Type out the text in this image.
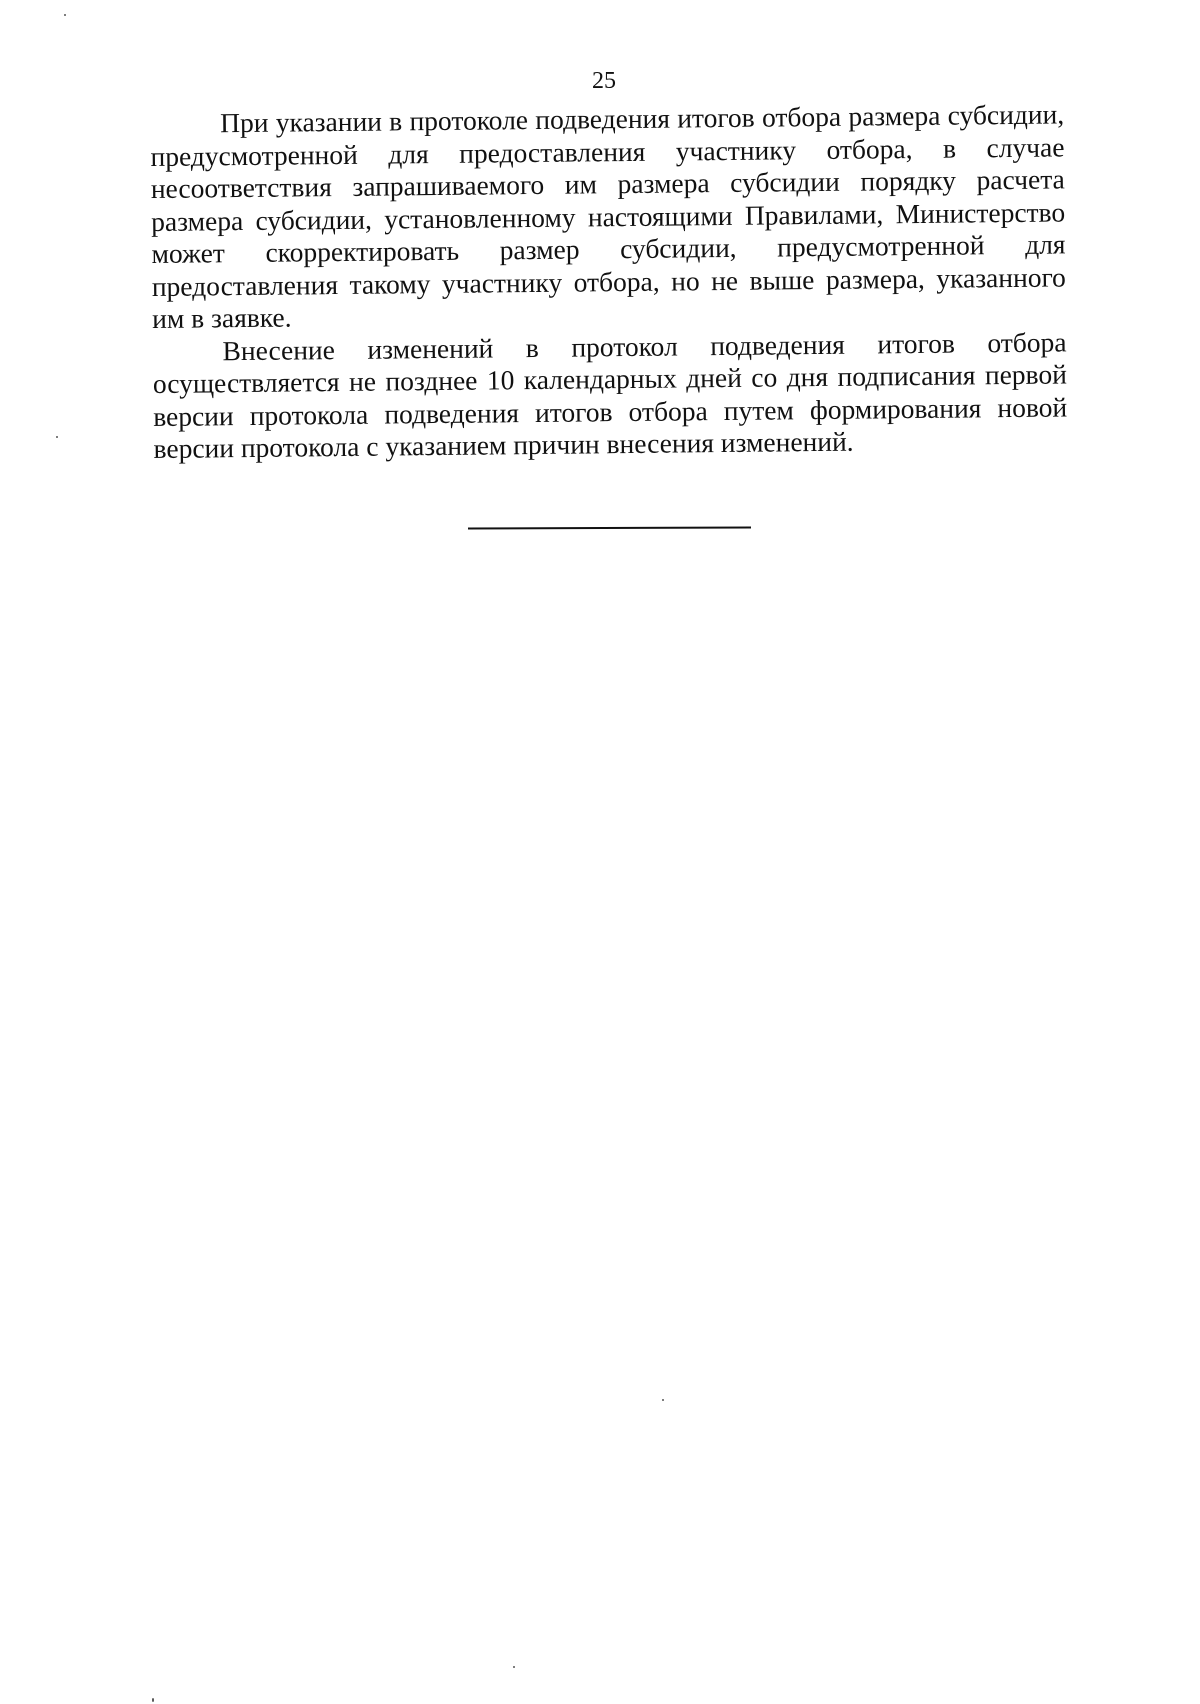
25

При указании в протоколе подведения итогов отбора размера субсидии, предусмотренной для предоставления участнику отбора, в случае несоответствия запрашиваемого им размера субсидии порядку расчета размера субсидии, установленному настоящими Правилами, Министерство может скорректировать размер субсидии, предусмотренной для предоставления такому участнику отбора, но не выше размера, указанного им в заявке.

Внесение изменений в протокол подведения итогов отбора осуществляется не позднее 10 календарных дней со дня подписания первой версии протокола подведения итогов отбора путем формирования новой версии протокола с указанием причин внесения изменений.
